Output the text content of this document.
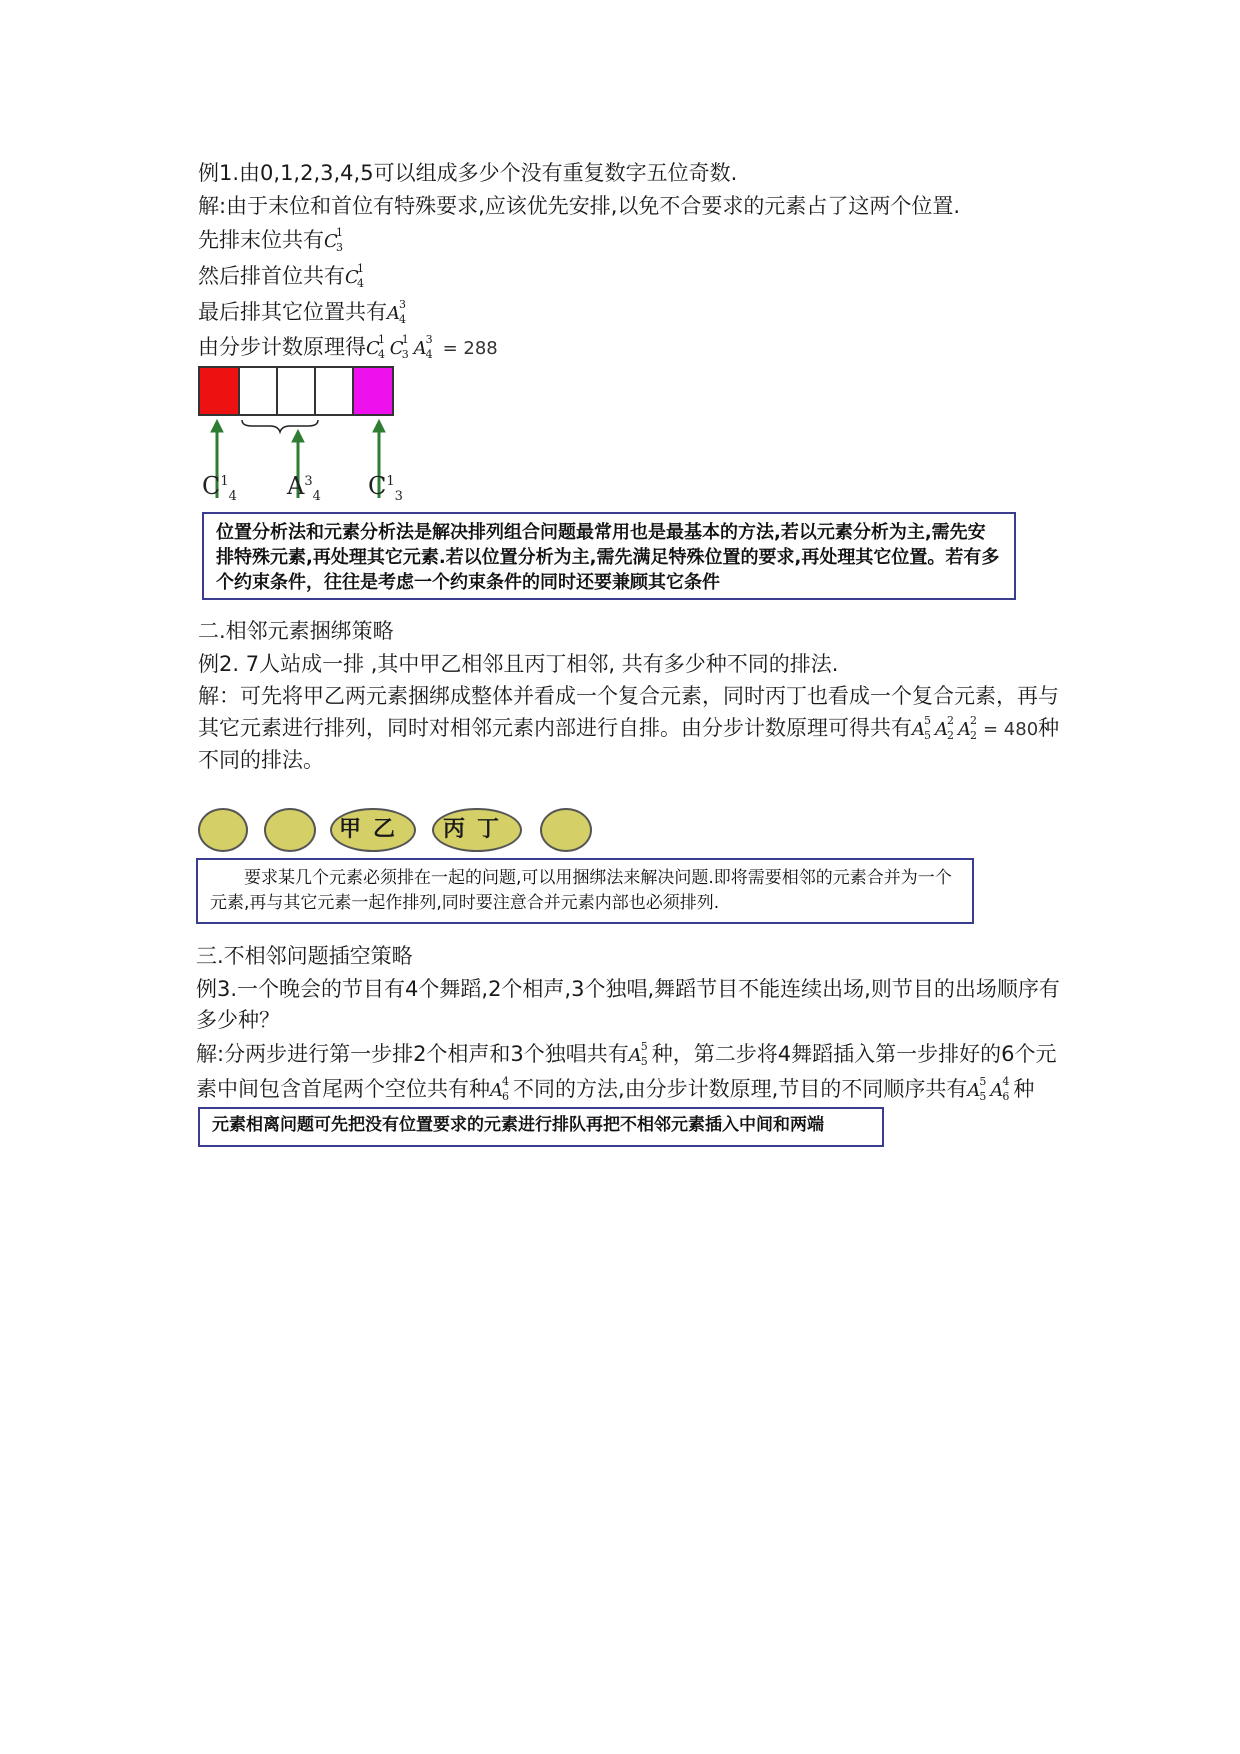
例1.由0,1,2,3,4,5可以组成多少个没有重复数字五位奇数.
解:由于末位和首位有特殊要求,应该优先安排,以免不合要求的元素占了这两个位置.
先排末位共有C
1
3
然后排首位共有C
1
4
最后排其它位置共有A 3
4
由分步计数原理得C
1
4 C
1
3 A 3
4 = 288
$C^1_4$ $A^3_4$ $C^1_3$
位置分析法和元素分析法是解决排列组合问题最常用也是最基本的方法,若以元素分析为主,需先安排特殊元素,再处理其它元素.若以位置分析为主,需先满足特殊位置的要求,再处理其它位置。若有多个约束条件，往往是考虑一个约束条件的同时还要兼顾其它条件
二.相邻元素捆绑策略
例2. 7人站成一排 ,其中甲乙相邻且丙丁相邻, 共有多少种不同的排法.
解：可先将甲乙两元素捆绑成整体并看成一个复合元素，同时丙丁也看成一个复合元素，再与
其它元素进行排列，同时对相邻元素内部进行自排。由分步计数原理可得共有A 5
5 A 2
2 A 2
2 = 480种
不同的排法。
甲乙	丙丁
要求某几个元素必须排在一起的问题,可以用捆绑法来解决问题.即将需要相邻的元素合并为一个元素,再与其它元素一起作排列,同时要注意合并元素内部也必须排列.
三.不相邻问题插空策略
例3.一个晚会的节目有4个舞蹈,2个相声,3个独唱,舞蹈节目不能连续出场,则节目的出场顺序有
多少种？
解:分两步进行第一步排2个相声和3个独唱共有A 5
5 种，第二步将4舞蹈插入第一步排好的6个元
素中间包含首尾两个空位共有种A 4
6 不同的方法,由分步计数原理,节目的不同顺序共有A 5
5 A 4
6 种
元素相离问题可先把没有位置要求的元素进行排队再把不相邻元素插入中间和两端
